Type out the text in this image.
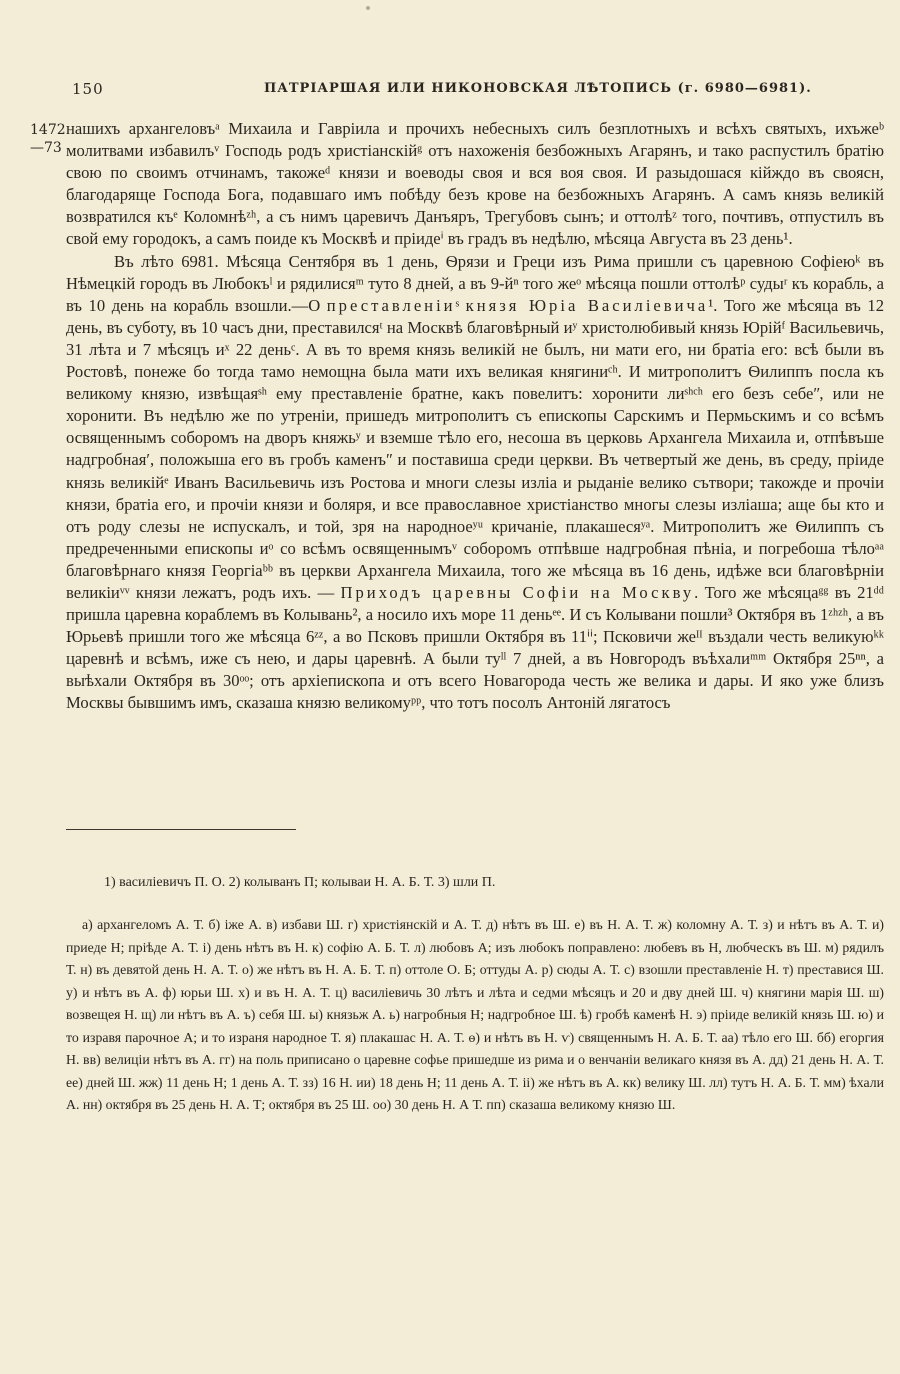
150	ПАТРІАРШАЯ ИЛИ НИКОНОВСКАЯ ЛѢТОПИСЬ (г. 6980—6981).
1472
—73

нашихъ архангеловъᵃ Михаила и Гавріила и прочихъ небесныхъ силъ безплотныхъ и всѣхъ святыхъ, ихъжеᵇ молитвами избавилъᵛ Господь родъ христіанскійᵍ отъ нахоженія безбожныхъ Агарянъ, и тако распустилъ братію свою по своимъ отчинамъ, такожеᵈ князи и воеводы своя и вся воя своя. И разыдошася кійждо въ своясн, благодаряще Господа Бога, подавшаго имъ побѣду безъ крове на безбожныхъ Агарянъ. А самъ князь великій возвратился къᵉ Коломнѣᶻʰ, а съ нимъ царевичъ Данъяръ, Трегубовъ сынъ; и оттолѣᶻ того, почтивъ, отпустилъ въ свой ему городокъ, а самъ поиде къ Москвѣ и пріидеⁱ въ градъ въ недѣлю, мѣсяца Августа въ 23 день¹.

Въ лѣто 6981. Мѣсяца Сентября въ 1 день, Ѳрязи и Греци изъ Рима пришли съ царевною Софіеюᵏ въ Нѣмецкій городъ въ Любокъˡ и рядилисяᵐ туто 8 дней, а въ 9-йⁿ того жеᵒ мѣсяца пошли оттолѣᵖ судыʳ къ корабль, а въ 10 день на корабль взошли.—О преставленіиˢ князя Юріа Василіевича¹. Того же мѣсяца въ 12 день, въ суботу, въ 10 часъ дни, преставилсяᵗ на Москвѣ благовѣрный иʸ христолюбивый князь Юрійᶠ Васильевичь, 31 лѣта и 7 мѣсяцъ иˣ 22 деньᶜ. А въ то время князь великій не былъ, ни мати его, ни братіа его: всѣ были въ Ростовѣ, понеже бо тогда тамо немощна была мати ихъ великая княгиниᶜʰ. И митрополитъ Ѳилиппъ посла къ великому князю, извѣщаяˢʰ ему преставленіе братне, какъ повелитъ: хоронити лиˢʰᶜʰ его безъ себеʺ, или не хоронити. Въ недѣлю же по утреніи, пришедъ митрополитъ съ епископы Сарскимъ и Пермьскимъ и со всѣмъ освященнымъ соборомъ на дворъ княжьʸ и вземше тѣло его, несоша въ церковь Архангела Михаила и, отпѣвъше надгробнаяʹ, положыша его въ гробъ каменъʺ и поставиша среди церкви. Въ четвертый же день, въ среду, пріиде князь великійᵉ Иванъ Васильевичь изъ Ростова и многи слезы изліа и рыданіе велико сътвори; такожде и прочіи князи, братіа его, и прочіи князи и боляря, и все православное христіанство многы слезы изліаша; аще бы кто и отъ роду слезы не испускалъ, и той, зря на народноеʸᵘ кричаніе, плакашесяʸᵃ. Митрополитъ же Ѳилиппъ съ предреченными епископы иᵒ со всѣмъ освященнымъᵛ соборомъ отпѣвше надгробная пѣніа, и погребоша тѣлоᵃᵃ благовѣрнаго князя Георгіаᵇᵇ въ церкви Архангела Михаила, того же мѣсяца въ 16 день, идѣже вси благовѣрніи великіиᵛᵛ князи лежатъ, родъ ихъ. — Приходъ царевны Софіи на Москву. Того же мѣсяцаᵍᵍ въ 21ᵈᵈ пришла царевна кораблемъ въ Колывань², а носило ихъ море 11 деньᵉᵉ. И съ Колывани пошли³ Октября въ 1ᶻʰᶻʰ, а въ Юрьевѣ пришли того же мѣсяца 6ᶻᶻ, а во Псковъ пришли Октября въ 11ⁱⁱ; Псковичи жеᴵᴵ въздали честь великуюᵏᵏ царевнѣ и всѣмъ, иже съ нею, и дары царевнѣ. А были туˡˡ 7 дней, а въ Новгородъ въѣхалиᵐᵐ Октября 25ⁿⁿ, а выѣхали Октября въ 30ᵒᵒ; отъ архіепископа и отъ всего Новагорода честь же велика и дары. И яко уже близъ Москвы бывшимъ имъ, сказаша князю великомуᵖᵖ, что тотъ посолъ Антоній лягатосъ

1) василіевичъ П. О. 2) колыванъ П; колываи Н. А. Б. Т. 3) шли П.

а) архангеломъ А. Т. б) іже А. в) избави Ш. г) христіянскій и А. Т. д) нѣтъ въ Ш. е) въ Н. А. Т. ж) коломну А. Т. з) и нѣтъ въ А. Т. и) приеде Н; пріѣде А. Т. і) день нѣтъ въ Н. к) софію А. Б. Т. л) любовъ А; изъ любокъ поправлено: любевъ въ Н, любческъ въ Ш. м) рядилъ Т. н) въ девятой день Н. А. Т. о) же нѣтъ въ Н. А. Б. Т. п) оттоле О. Б; оттуды А. р) сюды А. Т. с) взошли преставленіе Н. т) преставися Ш. у) и нѣтъ въ А. ф) юрьи Ш. х) и въ Н. А. Т. ц) василіевичь 30 лѣтъ и лѣта и седми мѣсяцъ и 20 и дву дней Ш. ч) княгини марія Ш. ш) возвещея Н. щ) ли нѣтъ въ А. ъ) себя Ш. ы) князьж А. ь) нагробныя Н; надгробное Ш. ѣ) гробѣ каменѣ Н. э) пріиде великій князь Ш. ю) и то изравя парочное А; и то израня народное Т. я) плакашас Н. А. Т. ѳ) и нѣтъ въ Н. ѵ) священнымъ Н. А. Б. Т. аа) тѣло его Ш. бб) егоргия Н. вв) велиціи нѣтъ въ А. гг) на поль приписано о царевне софье пришедше из рима и о венчаніи великаго князя въ А. дд) 21 день Н. А. Т. ее) дней Ш. жж) 11 день Н; 1 день А. Т. зз) 16 Н. ии) 18 день Н; 11 день А. Т. іі) же нѣтъ въ А. кк) велику Ш. лл) тутъ Н. А. Б. Т. мм) ѣхали А. нн) октября въ 25 день Н. А. Т; октября въ 25 Ш. оо) 30 день Н. А Т. пп) сказаша великому князю Ш.
